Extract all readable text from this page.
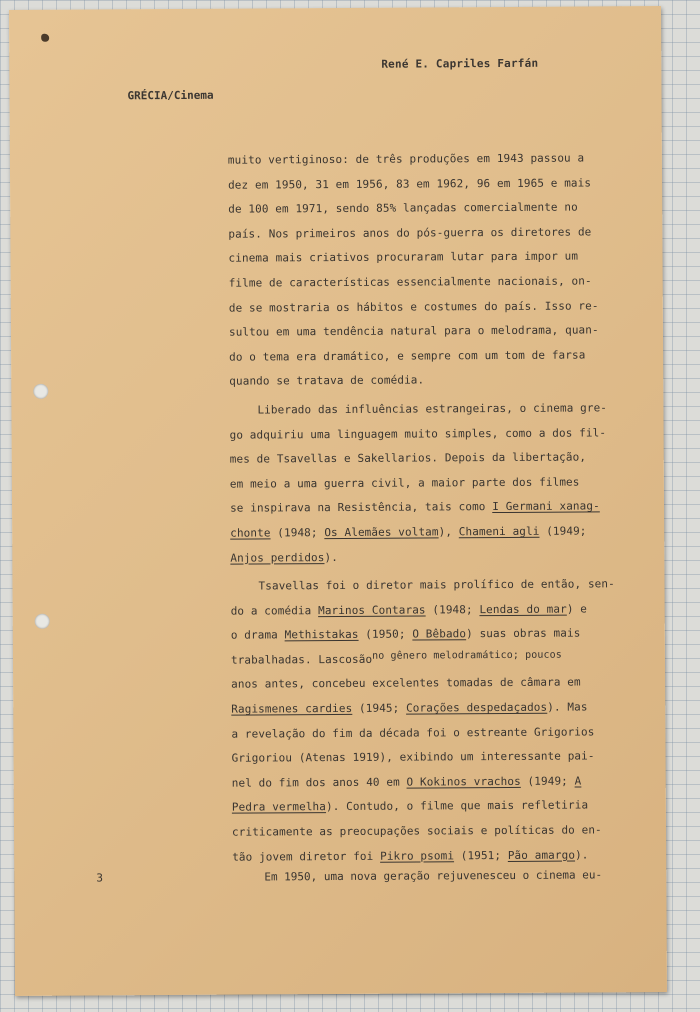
René E. Capriles Farfán
GRÉCIA/Cinema
muito vertiginoso: de três produções em 1943 passou a
dez em 1950, 31 em 1956, 83 em 1962, 96 em 1965 e mais
de 100 em 1971, sendo 85% lançadas comercialmente no
país. Nos primeiros anos do pós-guerra os diretores de
cinema mais criativos procuraram lutar para impor um
filme de características essencialmente nacionais, on-
de se mostraria os hábitos e costumes do país. Isso re-
sultou em uma tendência natural para o melodrama, quan-
do o tema era dramático, e sempre com um tom de farsa
quando se tratava de comédia.
Liberado das influências estrangeiras, o cinema gre-
go adquiriu uma linguagem muito simples, como a dos fil-
mes de Tsavellas e Sakellarios. Depois da libertação,
em meio a uma guerra civil, a maior parte dos filmes
se inspirava na Resistência, tais como I Germani xanag-
chonte (1948; Os Alemães voltam), Chameni agli (1949;
Anjos perdidos).
Tsavellas foi o diretor mais prolífico de então, sen-
do a comédia Marinos Contaras (1948; Lendas do mar) e
o drama Methistakas (1950; O Bêbado) suas obras mais
trabalhadas. Lascosãono gênero melodramático; poucos
anos antes, concebeu excelentes tomadas de câmara em
Ragismenes cardies (1945; Corações despedaçados). Mas
a revelação do fim da década foi o estreante Grigorios
Grigoriou (Atenas 1919), exibindo um interessante pai-
nel do fim dos anos 40 em O Kokinos vrachos (1949; A
Pedra vermelha). Contudo, o filme que mais refletiria
criticamente as preocupações sociais e políticas do en-
tão jovem diretor foi Pikro psomi (1951; Pão amargo).
3	Em 1950, uma nova geração rejuvenesceu o cinema eu-
